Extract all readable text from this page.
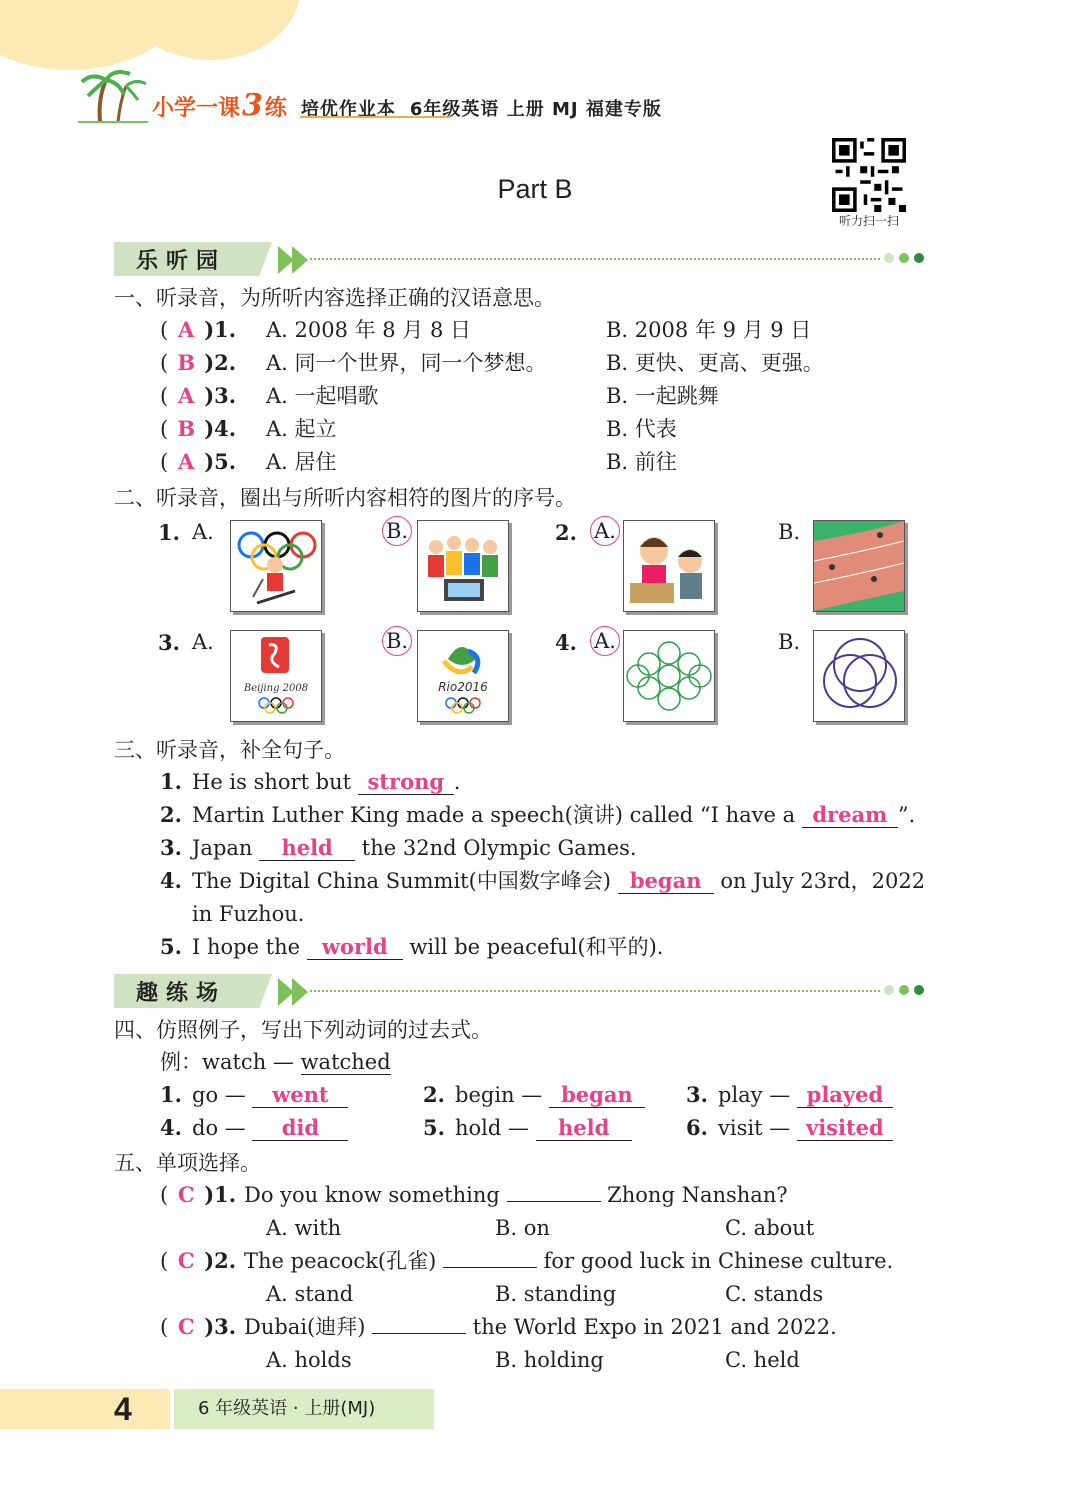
小学一课 3 练 培优作业本 6年级英语 上册 MJ 福建专版
Part B
听力扫一扫
乐听园
一、听录音，为所听内容选择正确的汉语意思。
( A )1. A. 2008 年 8 月 8 日	B. 2008 年 9 月 9 日
( B )2. A. 同一个世界，同一个梦想。	B. 更快、更高、更强。
( A )3. A. 一起唱歌	B. 一起跳舞
( B )4. A. 起立	B. 代表
( A )5. A. 居住	B. 前往
二、听录音，圈出与所听内容相符的图片的序号。
1. A.	B.	2. A.	B.
3. A.
Beijing 2008
B.
Rio2016
4. A.	B.
三、听录音，补全句子。
1. He is short but strong .
2. Martin Luther King made a speech(演讲) called “I have a dream ”.
3. Japan held the 32nd Olympic Games.
4. The Digital China Summit(中国数字峰会) began on July 23rd，2022
in Fuzhou.
5. I hope the world will be peaceful(和平的).
趣练场
四、仿照例子，写出下列动词的过去式。
例：watch — watched
1. go — went	2. begin — began	3. play — played
4. do — did	5. hold — held	6. visit — visited
五、单项选择。
( C )1. Do you know something	Zhong Nanshan?
A. with	B. on	C. about
( C )2. The peacock(孔雀)	for good luck in Chinese culture.
A. stand	B. standing	C. stands
( C )3. Dubai(迪拜)	the World Expo in 2021 and 2022.
A. holds	B. holding	C. held
4	6 年级英语 · 上册(MJ)
